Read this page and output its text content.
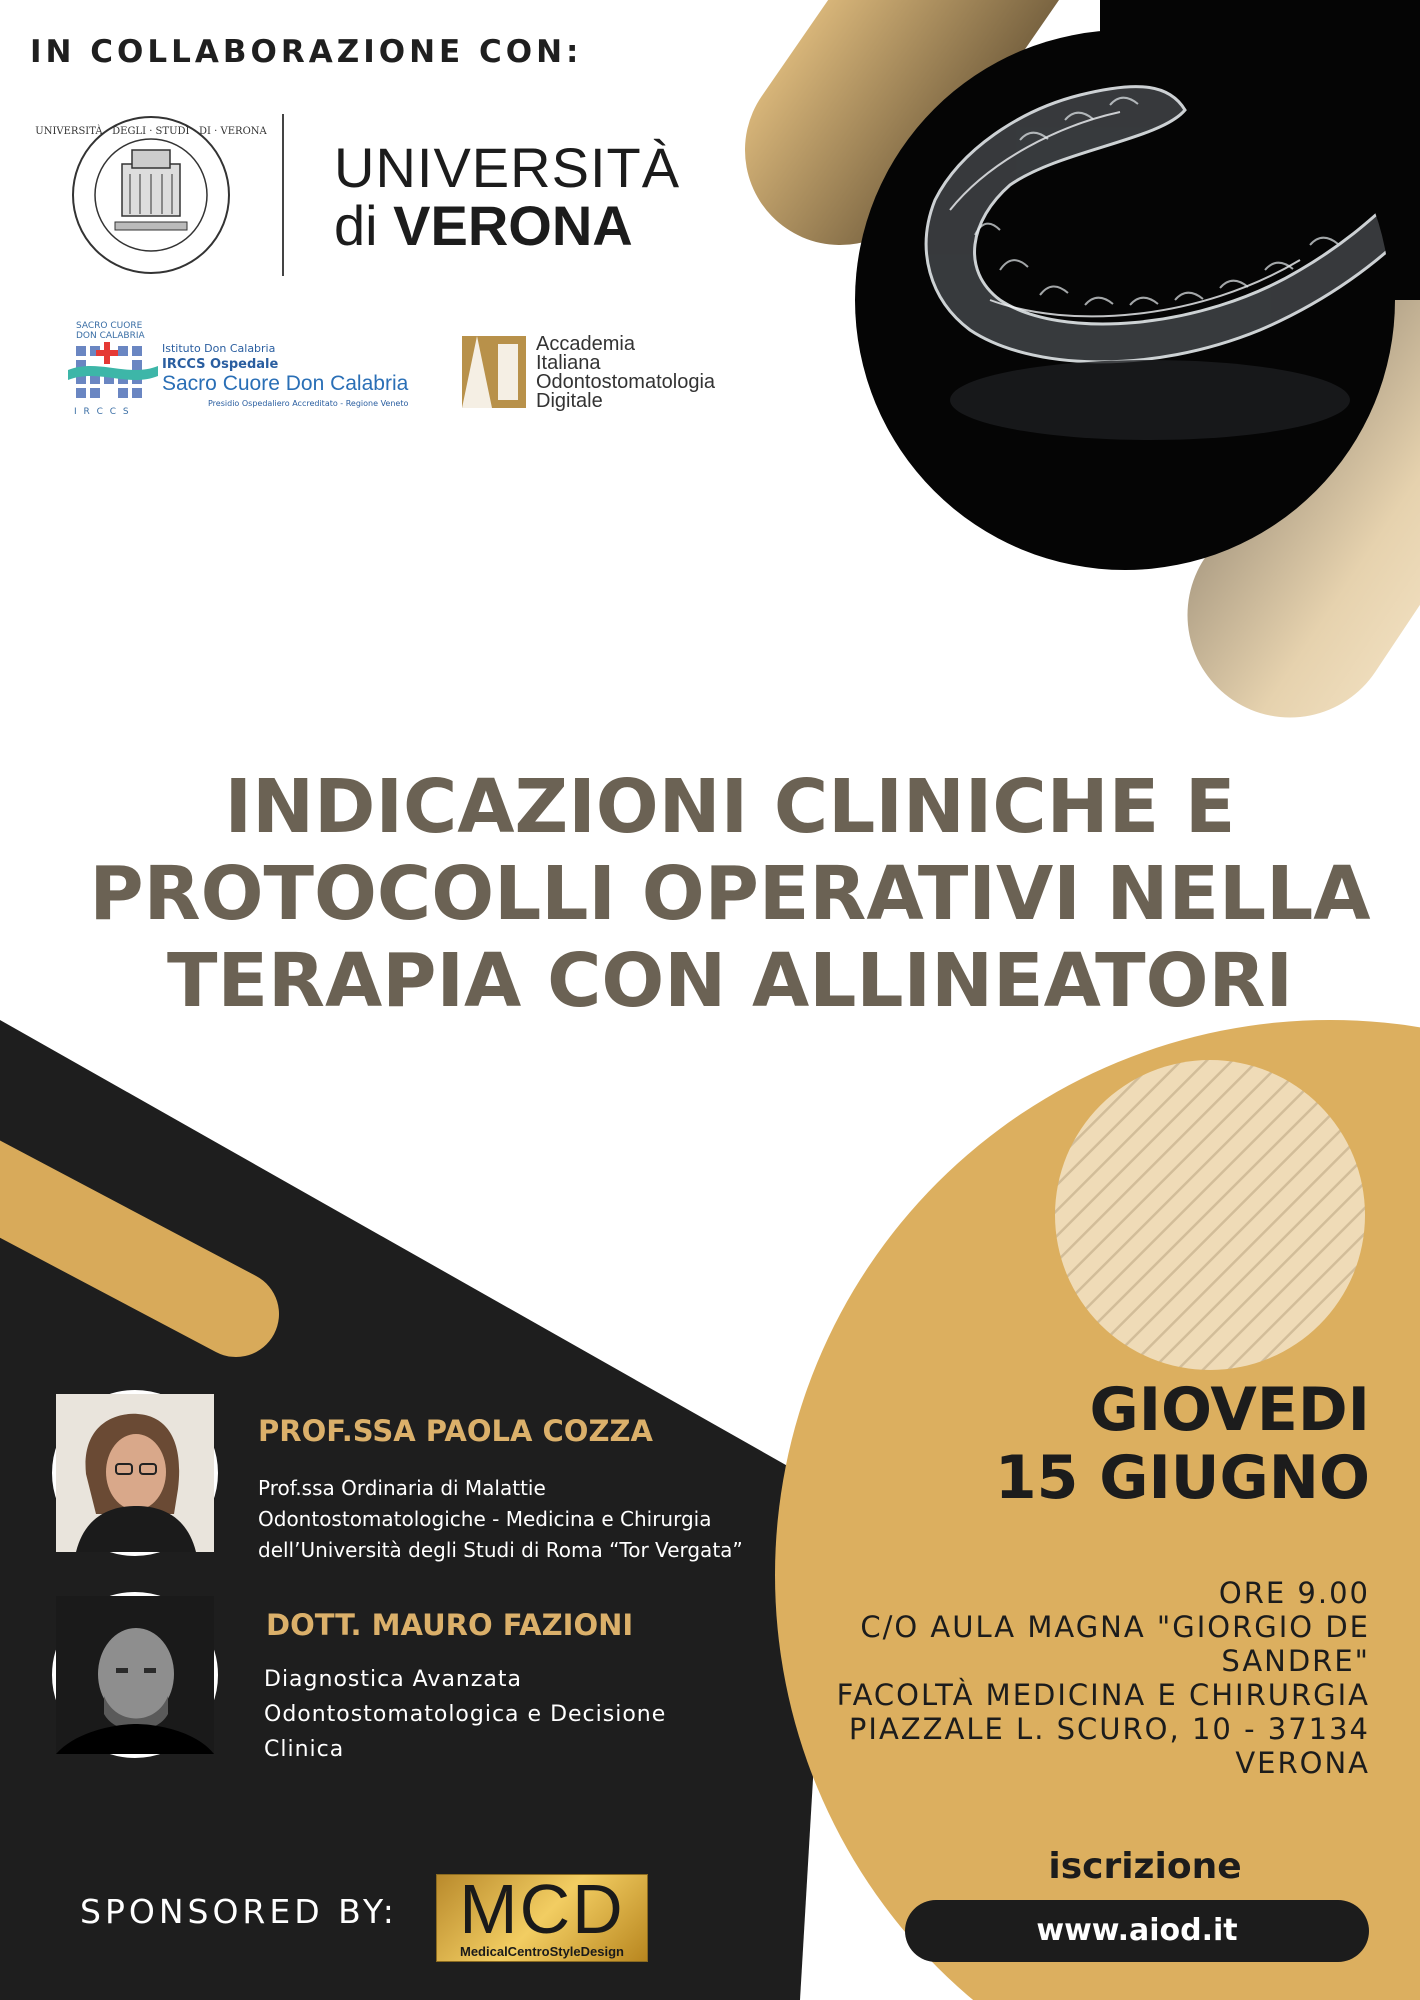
IN COLLABORAZIONE CON:
UNIVERSITÀ · DEGLI · STUDI · DI · VERONA
UNIVERSITÀ
di VERONA
SACRO CUORE
DON CALABRIA
I R C C S
Istituto Don Calabria
IRCCS Ospedale
Sacro Cuore Don Calabria
Presidio Ospedaliero Accreditato - Regione Veneto
Accademia
Italiana
Odontostomatologia
Digitale
INDICAZIONI CLINICHE E
PROTOCOLLI OPERATIVI NELLA
TERAPIA CON ALLINEATORI
PROF.SSA PAOLA COZZA
Prof.ssa Ordinaria di Malattie
Odontostomatologiche - Medicina e Chirurgia
dell’Università degli Studi di Roma “Tor Vergata”
DOTT. MAURO FAZIONI
Diagnostica Avanzata
Odontostomatologica e Decisione
Clinica
GIOVEDI
15 GIUGNO
ORE 9.00
C/O AULA MAGNA "GIORGIO DE
SANDRE"
FACOLTÀ MEDICINA E CHIRURGIA
PIAZZALE L. SCURO, 10 - 37134
VERONA
iscrizione
www.aiod.it
SPONSORED BY: MCD
MedicalCentroStyleDesign
